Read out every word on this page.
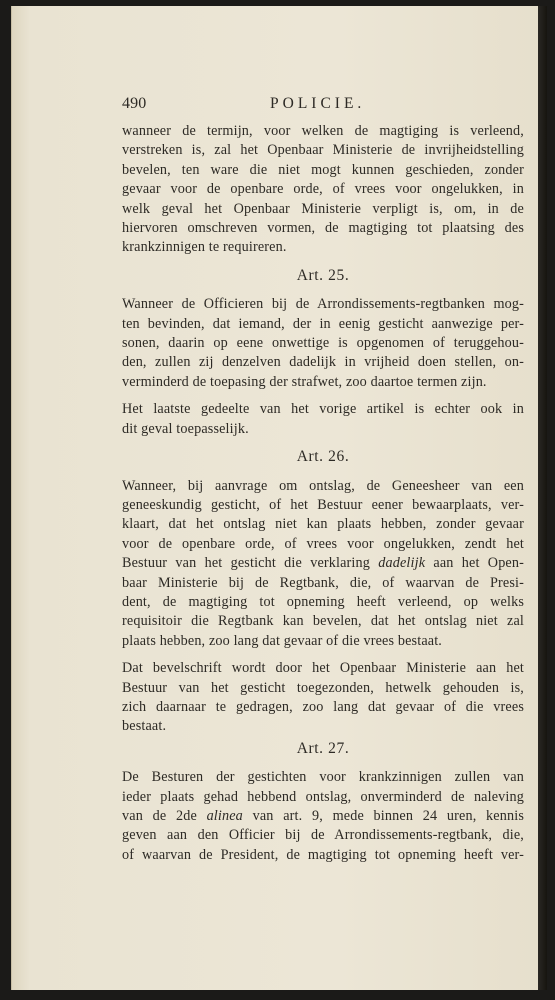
490	POLICIE.
wanneer de termijn, voor welken de magtiging is verleend,
verstreken is, zal het Openbaar Ministerie de invrijheidstelling
bevelen, ten ware die niet mogt kunnen geschieden, zonder
gevaar voor de openbare orde, of vrees voor ongelukken, in
welk geval het Openbaar Ministerie verpligt is, om, in de
hiervoren omschreven vormen, de magtiging tot plaatsing des
krankzinnigen te requireren.
Art. 25.
Wanneer de Officieren bij de Arrondissements-regtbanken mog-
ten bevinden, dat iemand, der in eenig gesticht aanwezige per-
sonen, daarin op eene onwettige is opgenomen of teruggehou-
den, zullen zij denzelven dadelijk in vrijheid doen stellen, on-
verminderd de toepasing der strafwet, zoo daartoe termen zijn.
Het laatste gedeelte van het vorige artikel is echter ook in
dit geval toepasselijk.
Art. 26.
Wanneer, bij aanvrage om ontslag, de Geneesheer van een
geneeskundig gesticht, of het Bestuur eener bewaarplaats, ver-
klaart, dat het ontslag niet kan plaats hebben, zonder gevaar
voor de openbare orde, of vrees voor ongelukken, zendt het
Bestuur van het gesticht die verklaring dadelijk aan het Open-
baar Ministerie bij de Regtbank, die, of waarvan de Presi-
dent, de magtiging tot opneming heeft verleend, op welks
requisitoir die Regtbank kan bevelen, dat het ontslag niet zal
plaats hebben, zoo lang dat gevaar of die vrees bestaat.
Dat bevelschrift wordt door het Openbaar Ministerie aan het
Bestuur van het gesticht toegezonden, hetwelk gehouden is,
zich daarnaar te gedragen, zoo lang dat gevaar of die vrees
bestaat.
Art. 27.
De Besturen der gestichten voor krankzinnigen zullen van
ieder plaats gehad hebbend ontslag, onverminderd de naleving
van de 2de alinea van art. 9, mede binnen 24 uren, kennis
geven aan den Officier bij de Arrondissements-regtbank, die,
of waarvan de President, de magtiging tot opneming heeft ver-
